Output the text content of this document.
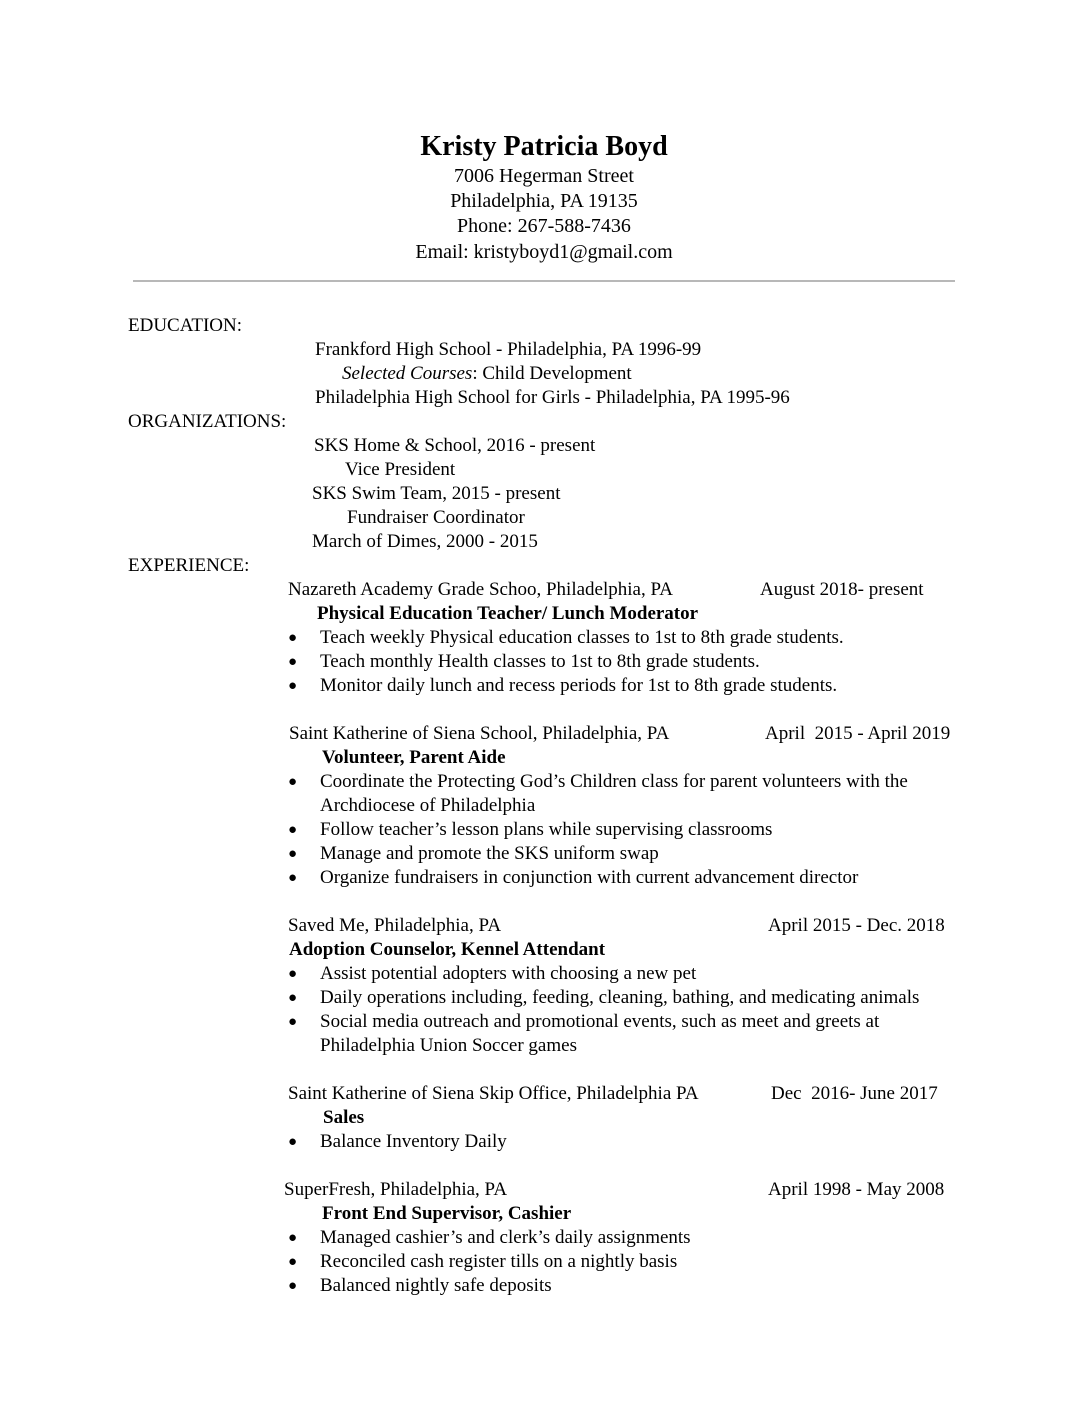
Kristy Patricia Boyd
7006 Hegerman Street
Philadelphia, PA 19135
Phone: 267-588-7436
Email: kristyboyd1@gmail.com
EDUCATION:
Frankford High School - Philadelphia, PA 1996-99
Selected Courses: Child Development
Philadelphia High School for Girls - Philadelphia, PA 1995-96
ORGANIZATIONS:
SKS Home & School, 2016 - present
Vice President
SKS Swim Team, 2015 - present
Fundraiser Coordinator
March of Dimes, 2000 - 2015
EXPERIENCE:
Nazareth Academy Grade Schoo, Philadelphia, PA	August 2018- present
Physical Education Teacher/ Lunch Moderator
● Teach weekly Physical education classes to 1st to 8th grade students.
● Teach monthly Health classes to 1st to 8th grade students.
● Monitor daily lunch and recess periods for 1st to 8th grade students.
Saint Katherine of Siena School, Philadelphia, PA	April  2015 - April 2019
Volunteer, Parent Aide
● Coordinate the Protecting God’s Children class for parent volunteers with the
Archdiocese of Philadelphia
● Follow teacher’s lesson plans while supervising classrooms
● Manage and promote the SKS uniform swap
● Organize fundraisers in conjunction with current advancement director
Saved Me, Philadelphia, PA	April 2015 - Dec. 2018
Adoption Counselor, Kennel Attendant
● Assist potential adopters with choosing a new pet
● Daily operations including, feeding, cleaning, bathing, and medicating animals
● Social media outreach and promotional events, such as meet and greets at
Philadelphia Union Soccer games
Saint Katherine of Siena Skip Office, Philadelphia PA	Dec  2016- June 2017
Sales
● Balance Inventory Daily
SuperFresh, Philadelphia, PA	April 1998 - May 2008
Front End Supervisor, Cashier
● Managed cashier’s and clerk’s daily assignments
● Reconciled cash register tills on a nightly basis
● Balanced nightly safe deposits
